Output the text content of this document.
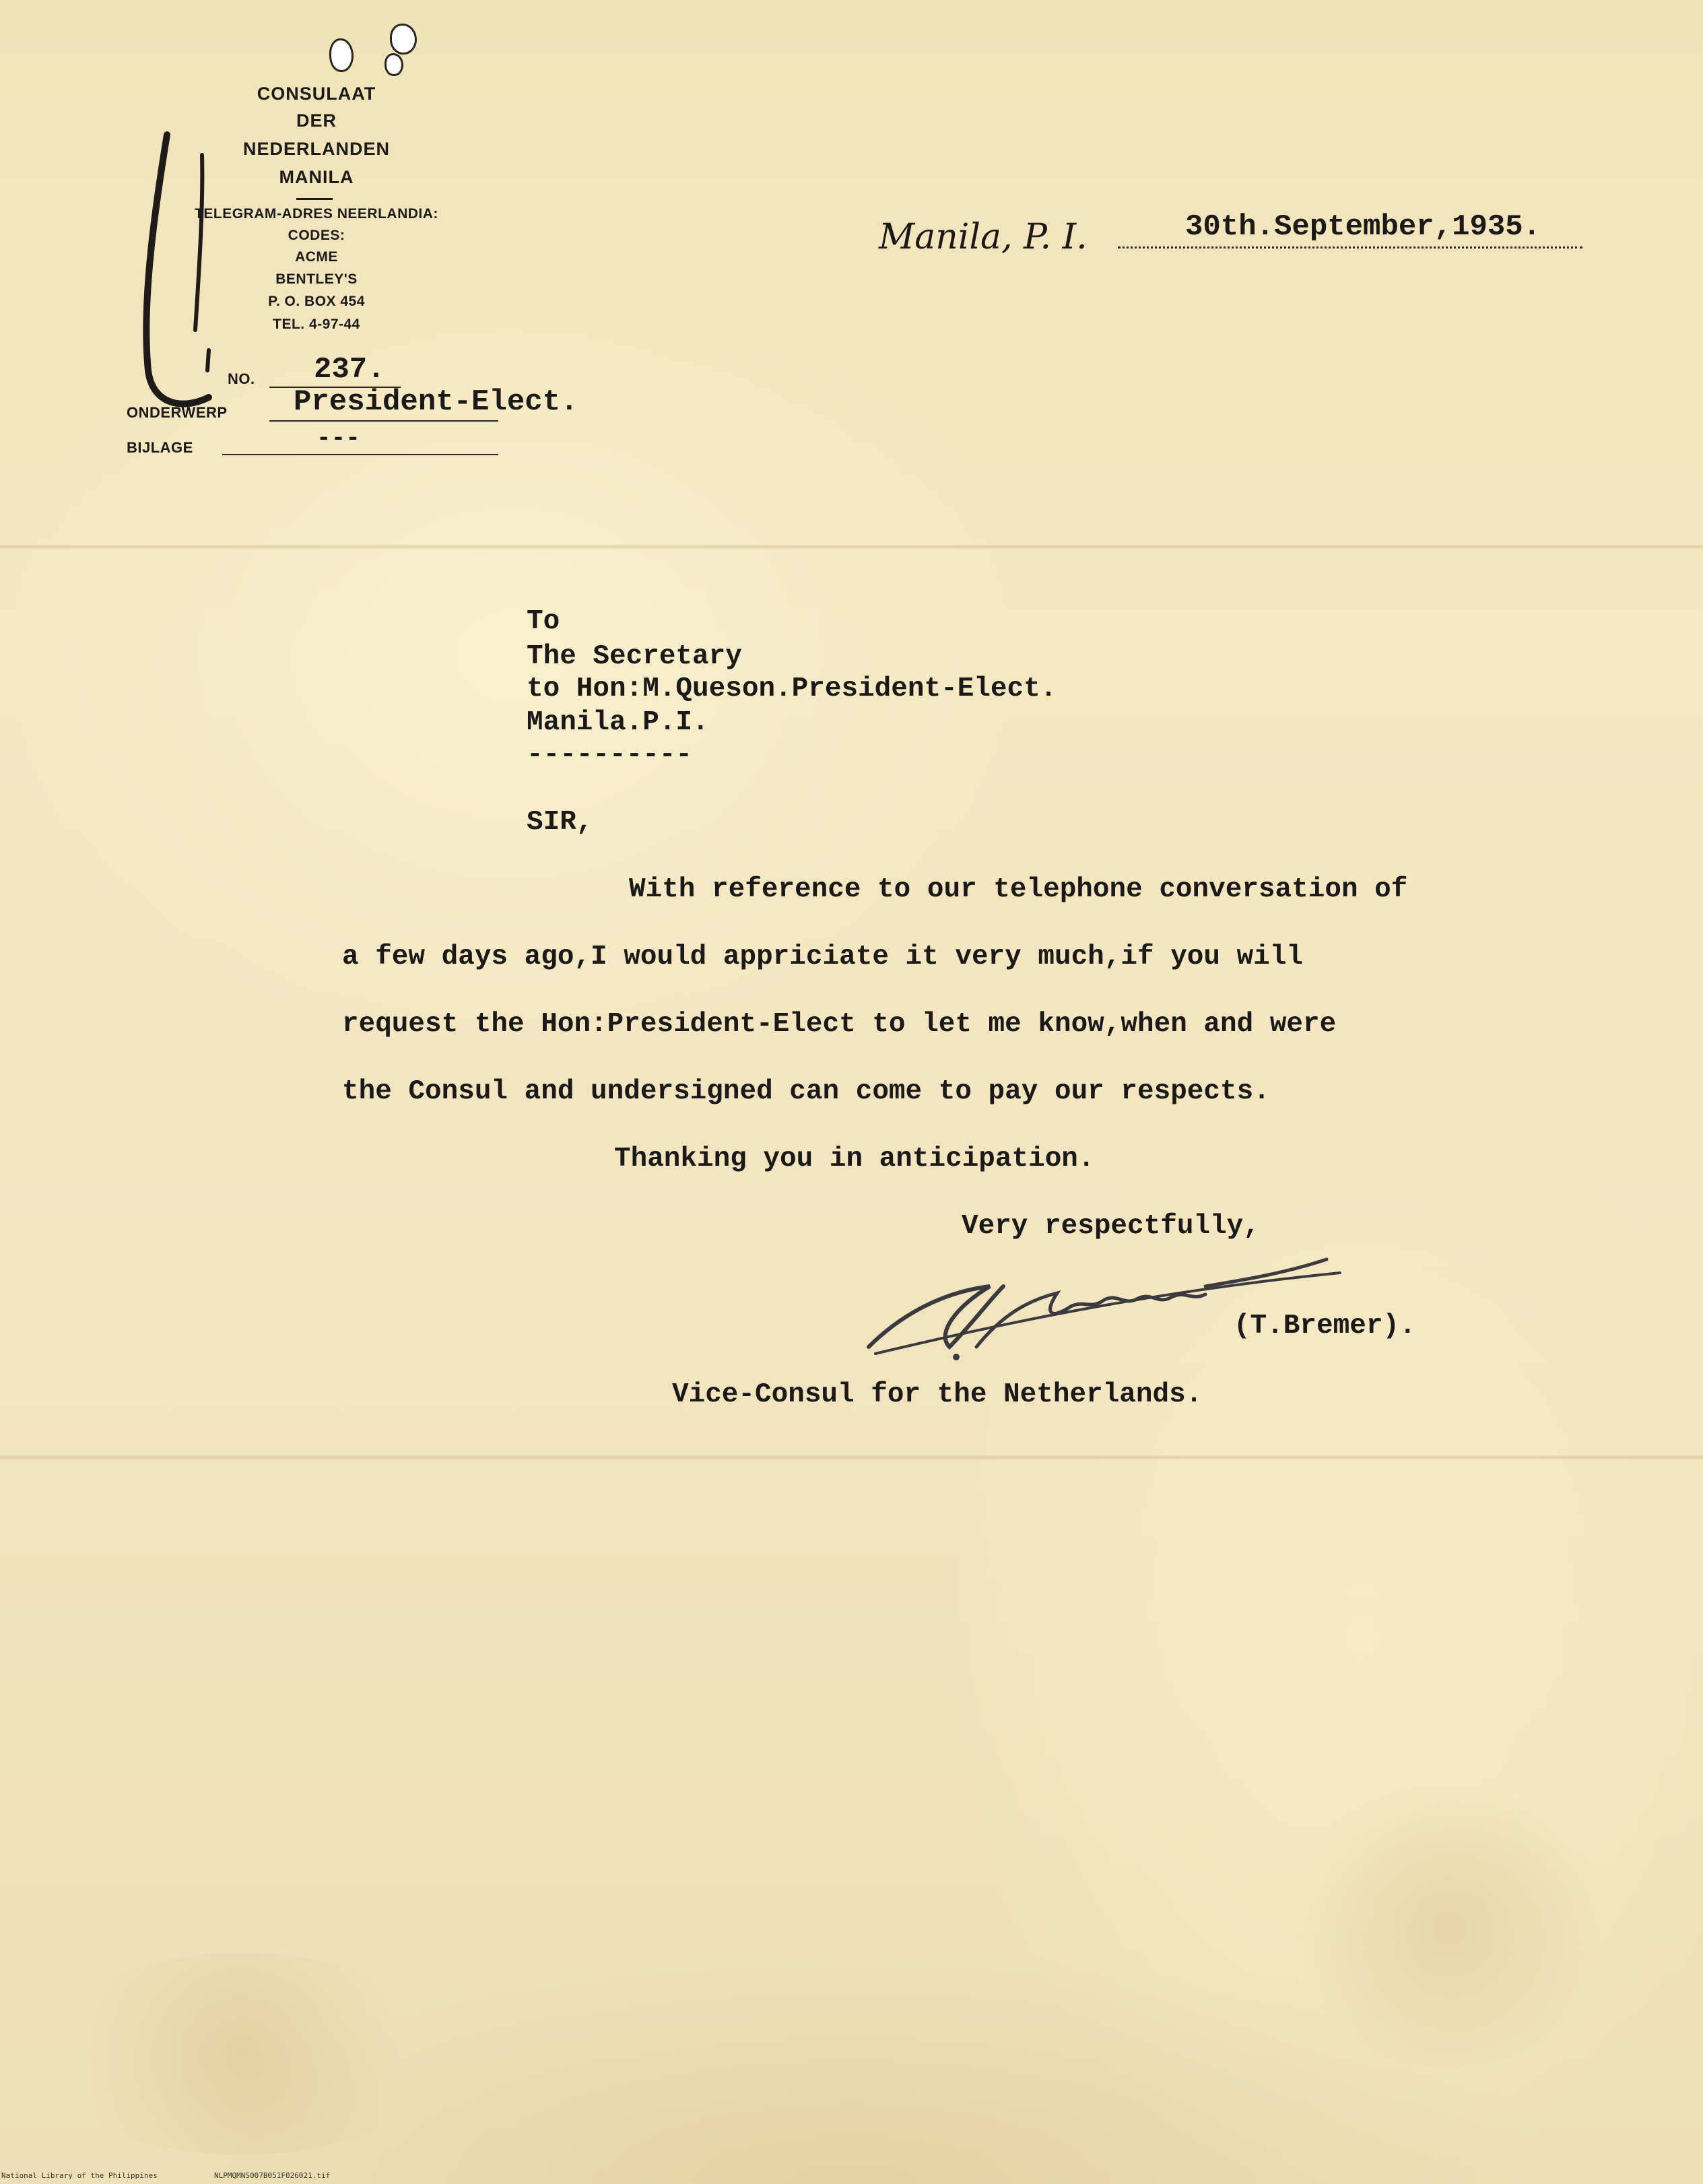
CONSULAAT
DER
NEDERLANDEN
MANILA
TELEGRAM-ADRES NEERLANDIA:
CODES:
ACME
BENTLEY'S
P. O. BOX 454
TEL. 4-97-44
NO. 237.
ONDERWERP President-Elect.
BIJLAGE	---
Manila, P. I.	30th.September,1935.
To
The Secretary
to Hon:M.Queson.President-Elect.
Manila.P.I.
----------
SIR,
With reference to our telephone conversation of
a few days ago,I would appriciate it very much,if you will
request the Hon:President-Elect to let me know,when and were
the Consul and undersigned can come to pay our respects.
Thanking you in anticipation.
Very respectfully,
(T.Bremer).
Vice-Consul for the Netherlands.
National Library of the Philippines	NLPMQMNS007B051F026021.tif
